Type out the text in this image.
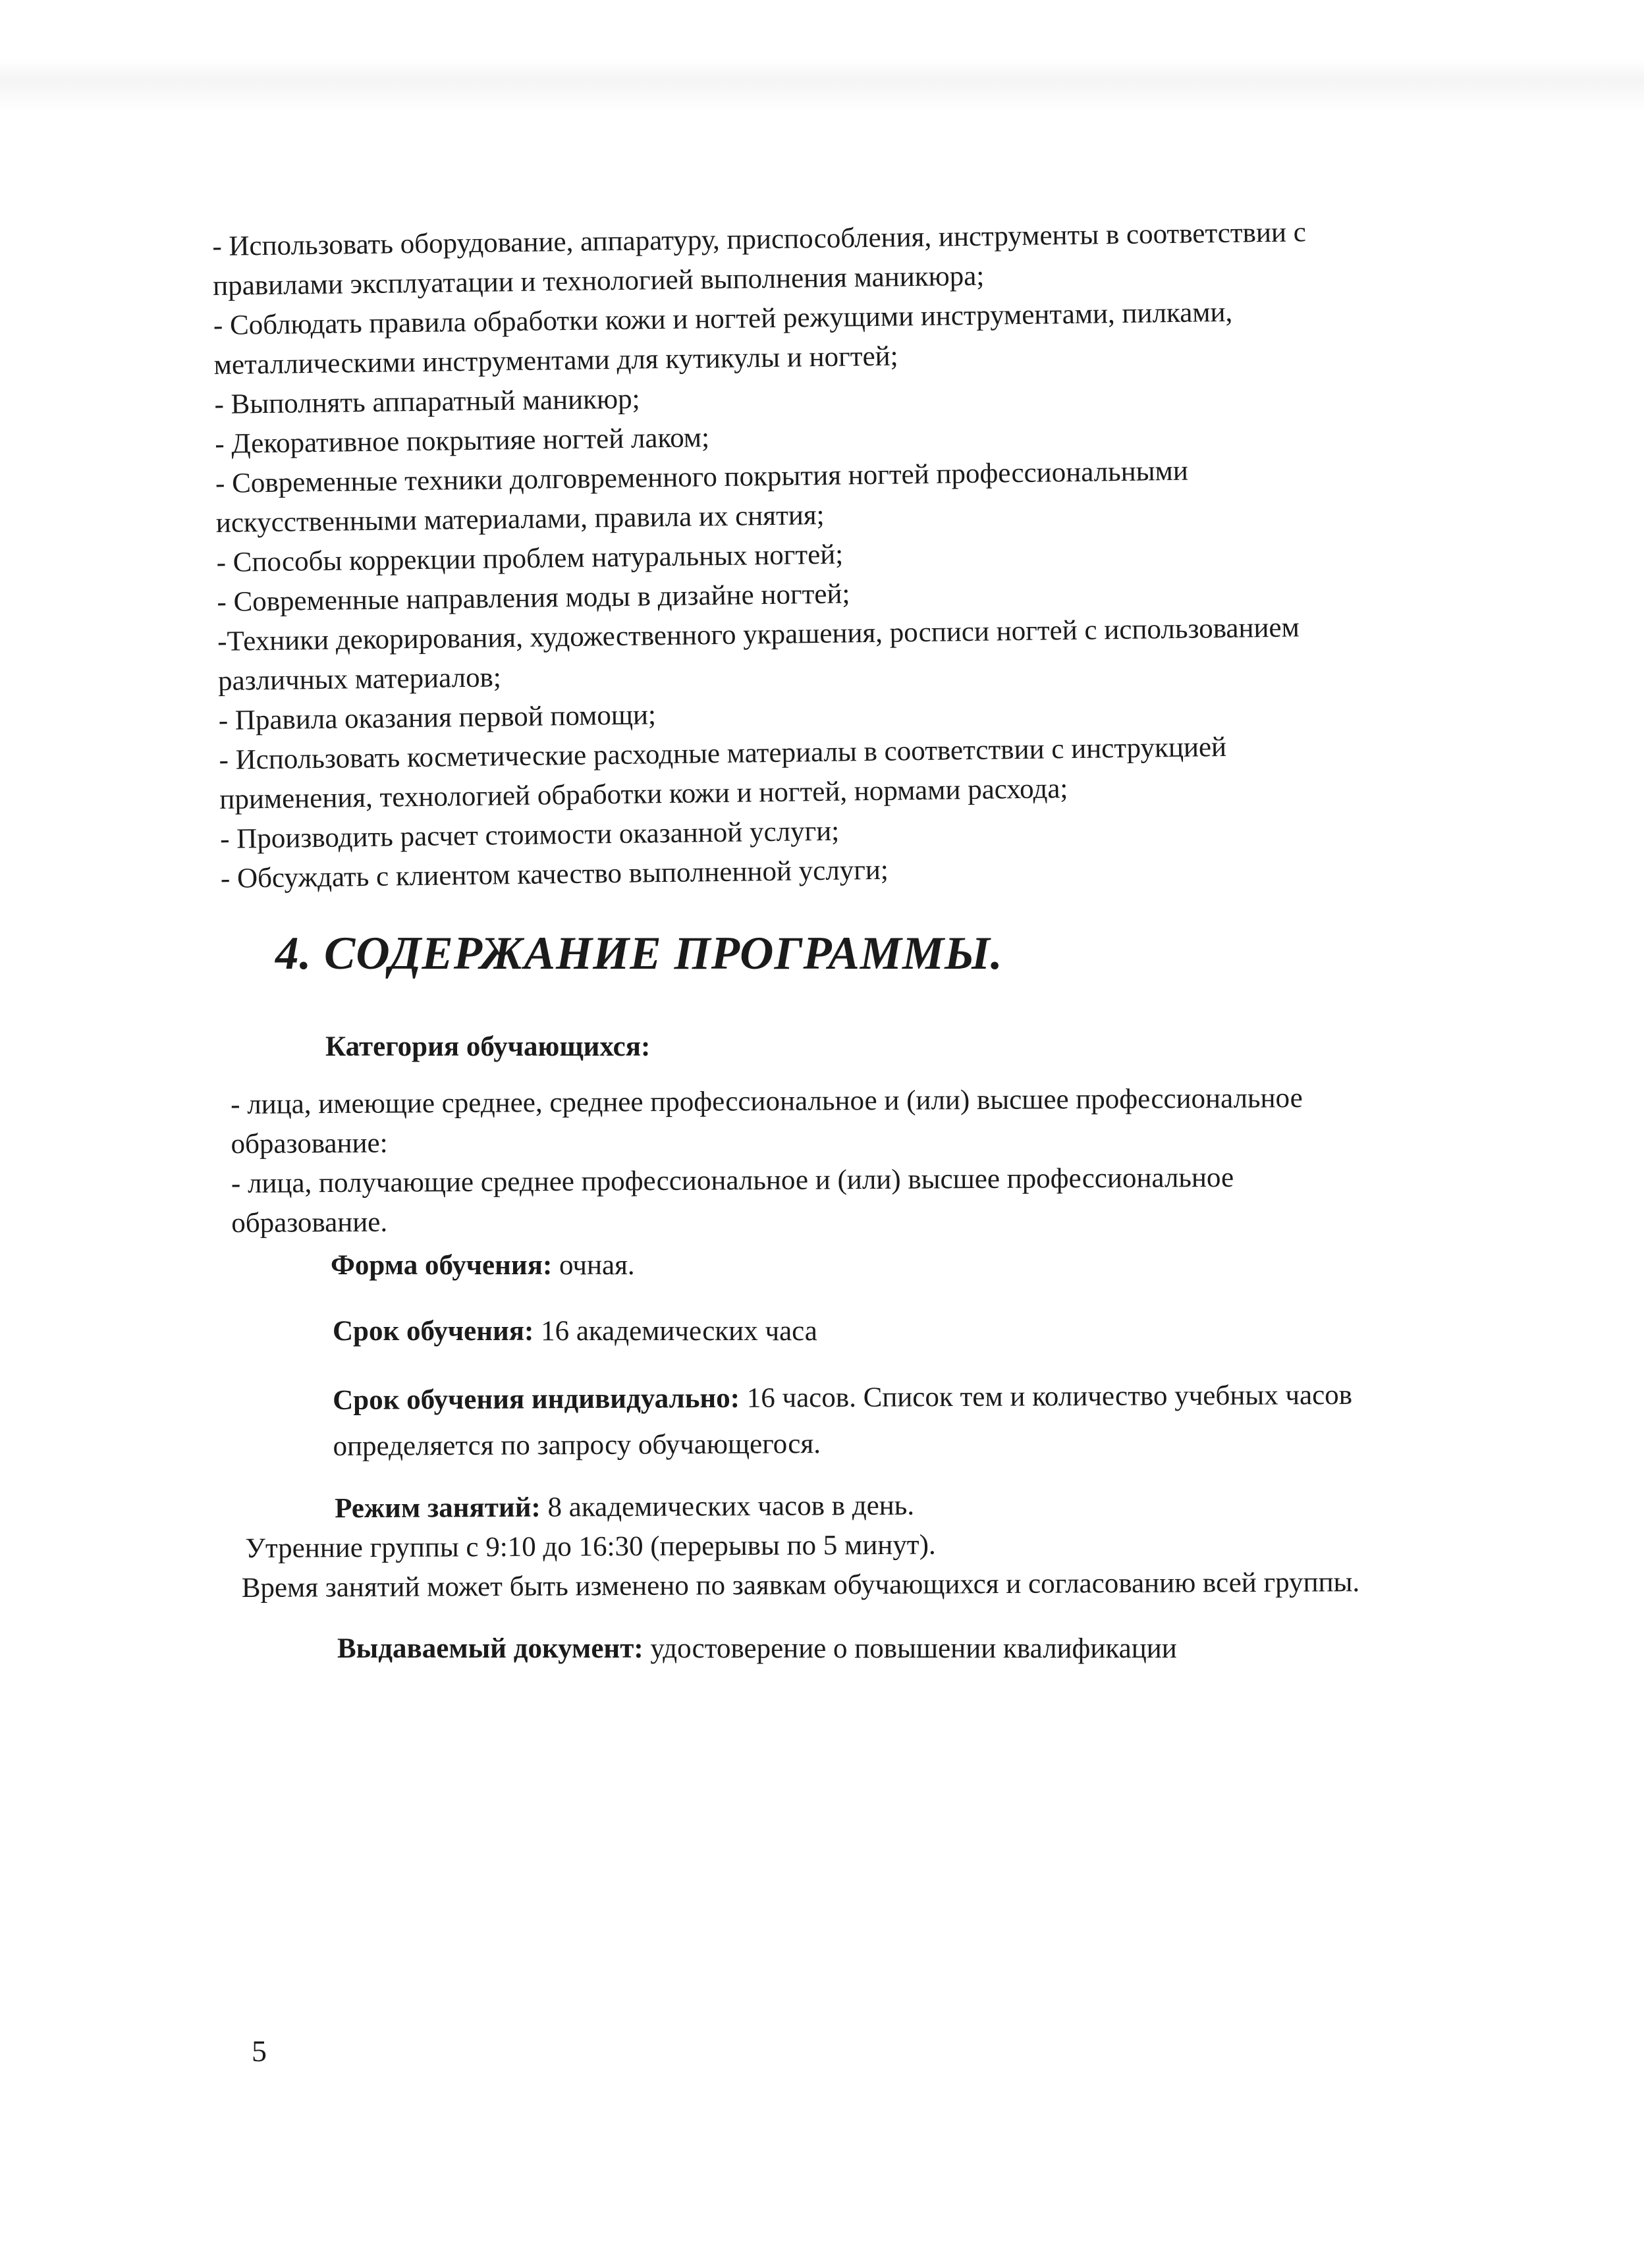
- Использовать оборудование, аппаратуру, приспособления, инструменты в соответствии с
правилами эксплуатации и технологией выполнения маникюра;
- Соблюдать правила обработки кожи и ногтей режущими инструментами, пилками,
металлическими инструментами для кутикулы и ногтей;
- Выполнять аппаратный маникюр;
- Декоративное покрытияе ногтей лаком;
- Современные техники долговременного покрытия ногтей профессиональными
искусственными материалами, правила их снятия;
- Способы коррекции проблем натуральных ногтей;
- Современные направления моды в дизайне ногтей;
-Техники декорирования, художественного украшения, росписи ногтей с использованием
различных материалов;
- Правила оказания первой помощи;
- Использовать косметические расходные материалы в соответствии с инструкцией
применения, технологией обработки кожи и ногтей, нормами расхода;
- Производить расчет стоимости оказанной услуги;
- Обсуждать с клиентом качество выполненной услуги;
4. СОДЕРЖАНИЕ ПРОГРАММЫ.
Категория обучающихся:
- лица, имеющие среднее, среднее профессиональное и (или) высшее профессиональное
образование:
- лица, получающие среднее профессиональное и (или) высшее профессиональное
образование.
Форма обучения: очная.
Срок обучения: 16 академических часа
Срок обучения индивидуально: 16 часов. Список тем и количество учебных часов
определяется по запросу обучающегося.
Режим занятий: 8 академических часов в день.
Утренние группы с 9:10 до 16:30 (перерывы по 5 минут).
Время занятий может быть изменено по заявкам обучающихся и согласованию всей группы.
Выдаваемый документ: удостоверение о повышении квалификации
5
